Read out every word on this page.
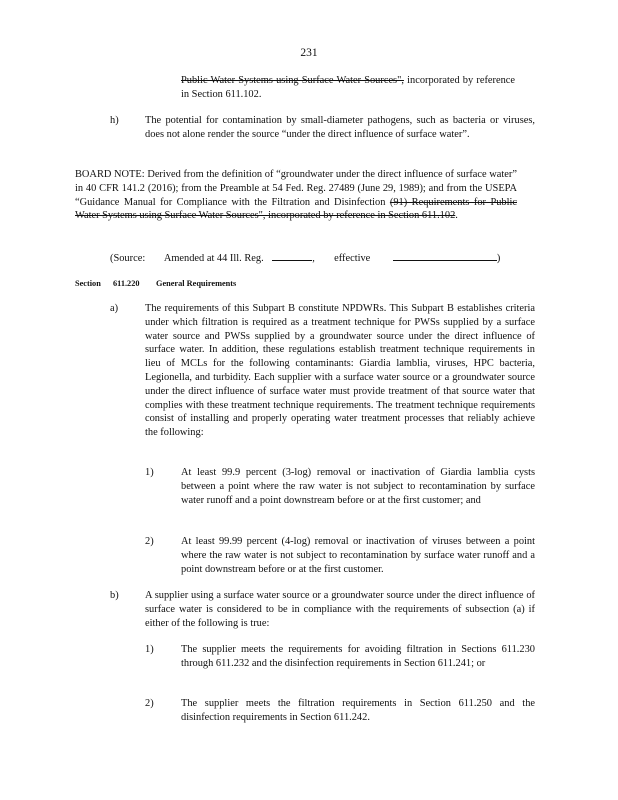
231
Public Water Systems using Surface Water Sources", incorporated by reference in Section 611.102.
h)	The potential for contamination by small-diameter pathogens, such as bacteria or viruses, does not alone render the source “under the direct influence of surface water”.
BOARD NOTE: Derived from the definition of “groundwater under the direct influence of surface water” in 40 CFR 141.2 (2016); from the Preamble at 54 Fed. Reg. 27489 (June 29, 1989); and from the USEPA “Guidance Manual for Compliance with the Filtration and Disinfection (91) Requirements for Public Water Systems using Surface Water Sources", incorporated by reference in Section 611.102.
(Source: Amended at 44 Ill. Reg.	, effective	)
Section 611.220 General Requirements
a)	The requirements of this Subpart B constitute NPDWRs. This Subpart B establishes criteria under which filtration is required as a treatment technique for PWSs supplied by a surface water source and PWSs supplied by a groundwater source under the direct influence of surface water. In addition, these regulations establish treatment technique requirements in lieu of MCLs for the following contaminants: Giardia lamblia, viruses, HPC bacteria, Legionella, and turbidity. Each supplier with a surface water source or a groundwater source under the direct influence of surface water must provide treatment of that source water that complies with these treatment technique requirements. The treatment technique requirements consist of installing and properly operating water treatment processes that reliably achieve the following:
1)	At least 99.9 percent (3-log) removal or inactivation of Giardia lamblia cysts between a point where the raw water is not subject to recontamination by surface water runoff and a point downstream before or at the first customer; and
2)	At least 99.99 percent (4-log) removal or inactivation of viruses between a point where the raw water is not subject to recontamination by surface water runoff and a point downstream before or at the first customer.
b)	A supplier using a surface water source or a groundwater source under the direct influence of surface water is considered to be in compliance with the requirements of subsection (a) if either of the following is true:
1)	The supplier meets the requirements for avoiding filtration in Sections 611.230 through 611.232 and the disinfection requirements in Section 611.241; or
2)	The supplier meets the filtration requirements in Section 611.250 and the disinfection requirements in Section 611.242.
